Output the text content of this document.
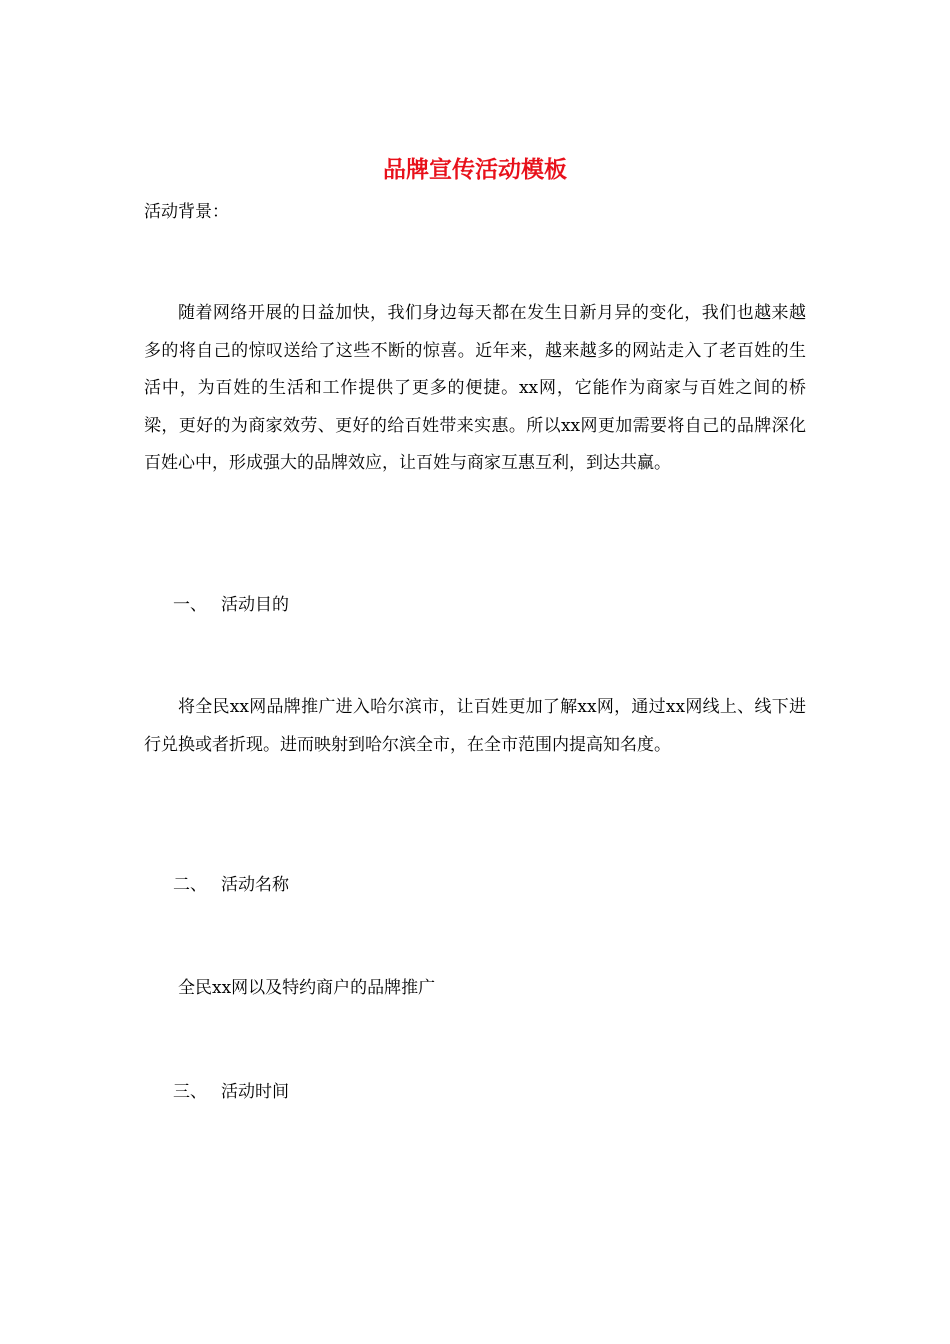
品牌宣传活动模板
活动背景：
随着网络开展的日益加快，我们身边每天都在发生日新月异的变化，我们也越来越多的将自己的惊叹送给了这些不断的惊喜。近年来，越来越多的网站走入了老百姓的生活中，为百姓的生活和工作提供了更多的便捷。xx网，它能作为商家与百姓之间的桥梁，更好的为商家效劳、更好的给百姓带来实惠。所以xx网更加需要将自己的品牌深化百姓心中，形成强大的品牌效应，让百姓与商家互惠互利，到达共赢。
一、 活动目的
将全民xx网品牌推广进入哈尔滨市，让百姓更加了解xx网，通过xx网线上、线下进行兑换或者折现。进而映射到哈尔滨全市，在全市范围内提高知名度。
二、 活动名称
全民xx网以及特约商户的品牌推广
三、 活动时间
